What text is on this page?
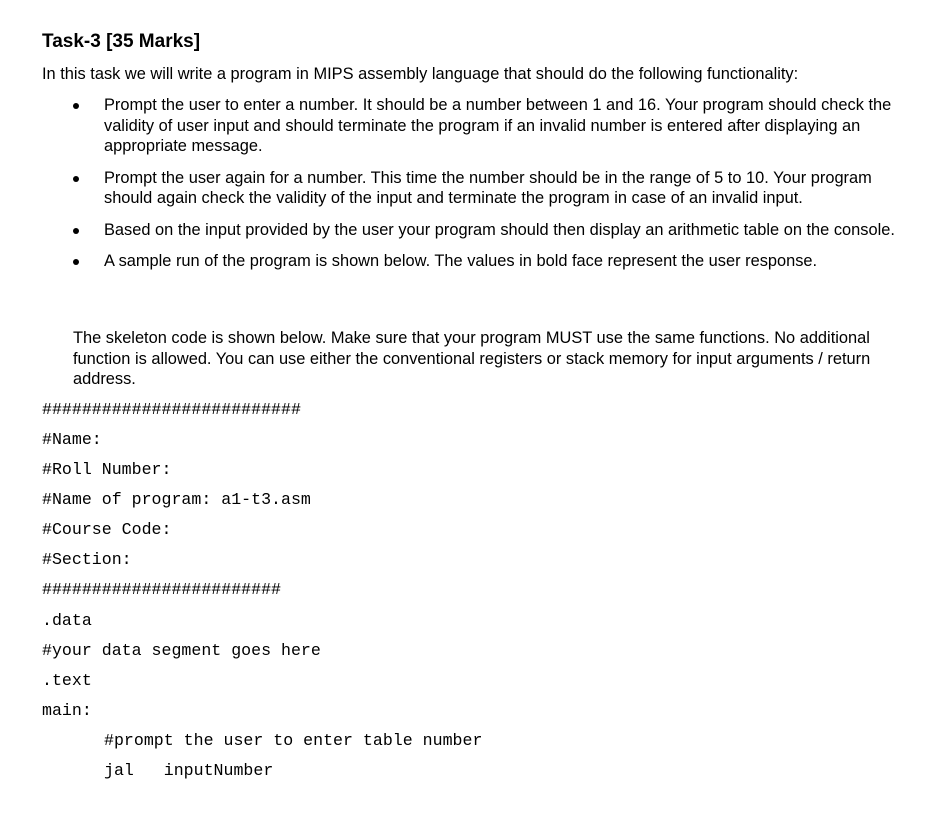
Task-3 [35 Marks]

In this task we will write a program in MIPS assembly language that should do the following functionality:

Prompt the user to enter a number. It should be a number between 1 and 16. Your program should check the validity of user input and should terminate the program if an invalid number is entered after displaying an appropriate message.
Prompt the user again for a number. This time the number should be in the range of 5 to 10. Your program should again check the validity of the input and terminate the program in case of an invalid input.
Based on the input provided by the user your program should then display an arithmetic table on the console.
A sample run of the program is shown below. The values in bold face represent the user response.

The skeleton code is shown below. Make sure that your program MUST use the same functions. No additional function is allowed. You can use either the conventional registers or stack memory for input arguments / return address.

##########################
#Name:
#Roll Number:
#Name of program: a1-t3.asm
#Course Code:
#Section:
########################
.data
#your data segment goes here
.text
main:
#prompt the user to enter table number
jal   inputNumber
